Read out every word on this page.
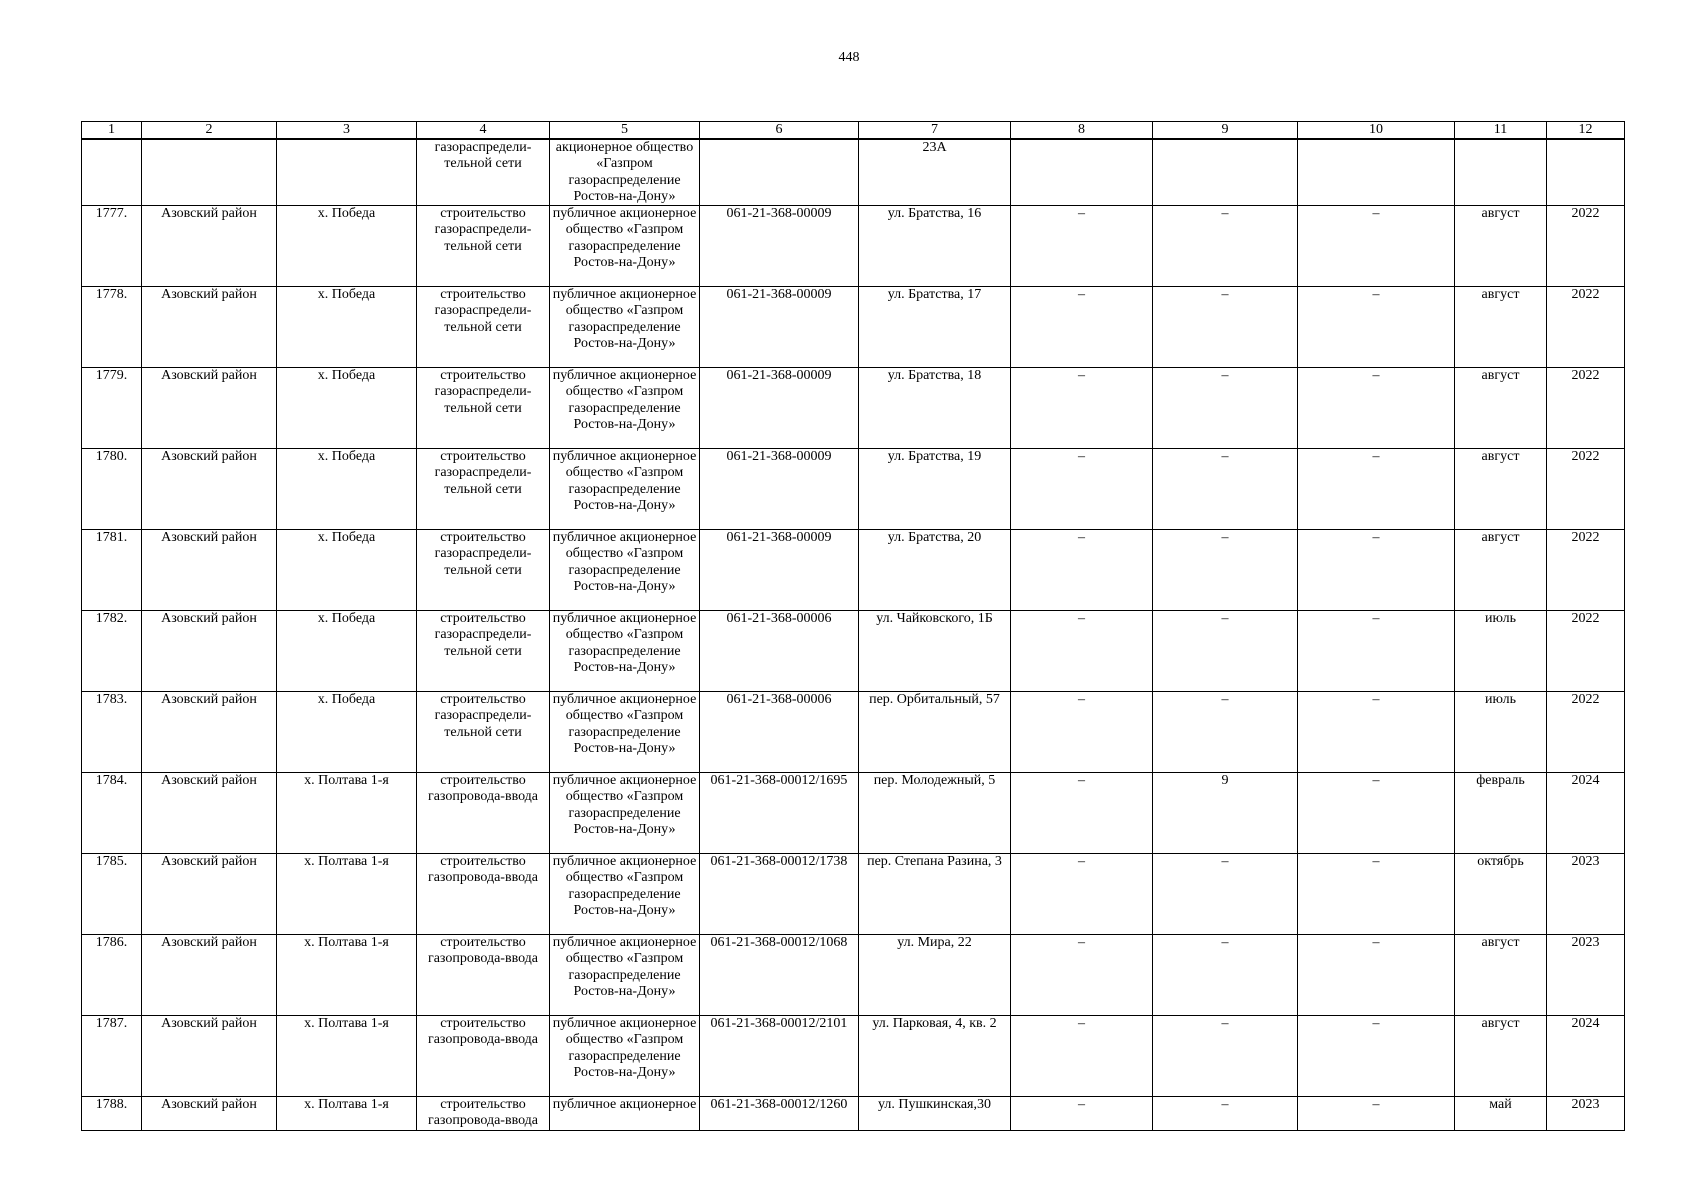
448
1	2	3	4	5	6	7	8	9	10	11	12
			газораспредели-тельной сети	акционерное общество «Газпром газораспределение Ростов-на-Дону»		23А					
1777.	Азовский район	х. Победа	строительство газораспредели-тельной сети	публичное акционерное общество «Газпром газораспределение Ростов-на-Дону»	061-21-368-00009	ул. Братства, 16	–	–	–	август	2022
1778.	Азовский район	х. Победа	строительство газораспредели-тельной сети	публичное акционерное общество «Газпром газораспределение Ростов-на-Дону»	061-21-368-00009	ул. Братства, 17	–	–	–	август	2022
1779.	Азовский район	х. Победа	строительство газораспредели-тельной сети	публичное акционерное общество «Газпром газораспределение Ростов-на-Дону»	061-21-368-00009	ул. Братства, 18	–	–	–	август	2022
1780.	Азовский район	х. Победа	строительство газораспредели-тельной сети	публичное акционерное общество «Газпром газораспределение Ростов-на-Дону»	061-21-368-00009	ул. Братства, 19	–	–	–	август	2022
1781.	Азовский район	х. Победа	строительство газораспредели-тельной сети	публичное акционерное общество «Газпром газораспределение Ростов-на-Дону»	061-21-368-00009	ул. Братства, 20	–	–	–	август	2022
1782.	Азовский район	х. Победа	строительство газораспредели-тельной сети	публичное акционерное общество «Газпром газораспределение Ростов-на-Дону»	061-21-368-00006	ул. Чайковского, 1Б	–	–	–	июль	2022
1783.	Азовский район	х. Победа	строительство газораспредели-тельной сети	публичное акционерное общество «Газпром газораспределение Ростов-на-Дону»	061-21-368-00006	пер. Орбитальный, 57	–	–	–	июль	2022
1784.	Азовский район	х. Полтава 1-я	строительство газопровода-ввода	публичное акционерное общество «Газпром газораспределение Ростов-на-Дону»	061-21-368-00012/1695	пер. Молодежный, 5	–	9	–	февраль	2024
1785.	Азовский район	х. Полтава 1-я	строительство газопровода-ввода	публичное акционерное общество «Газпром газораспределение Ростов-на-Дону»	061-21-368-00012/1738	пер. Степана Разина, 3	–	–	–	октябрь	2023
1786.	Азовский район	х. Полтава 1-я	строительство газопровода-ввода	публичное акционерное общество «Газпром газораспределение Ростов-на-Дону»	061-21-368-00012/1068	ул. Мира, 22	–	–	–	август	2023
1787.	Азовский район	х. Полтава 1-я	строительство газопровода-ввода	публичное акционерное общество «Газпром газораспределение Ростов-на-Дону»	061-21-368-00012/2101	ул. Парковая, 4, кв. 2	–	–	–	август	2024
1788.	Азовский район	х. Полтава 1-я	строительство газопровода-ввода	публичное акционерное	061-21-368-00012/1260	ул. Пушкинская,30	–	–	–	май	2023
